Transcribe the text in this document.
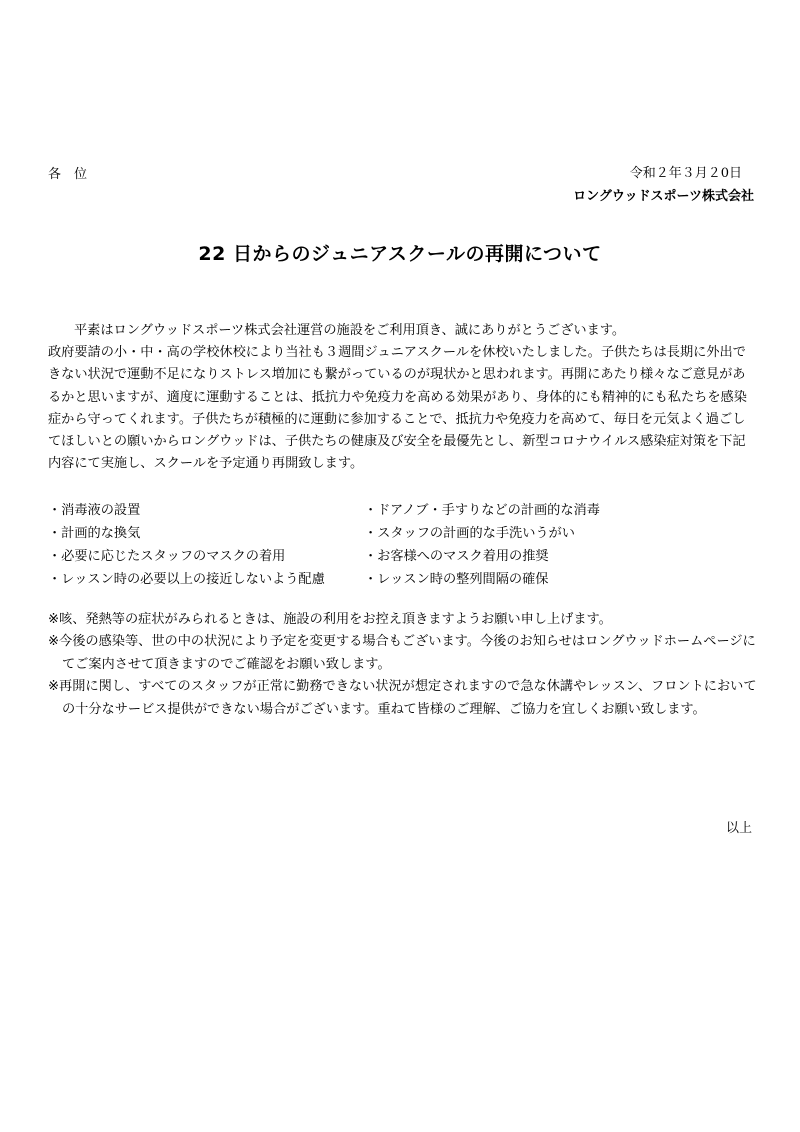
各　位	令和２年３月２0日
ロングウッドスポーツ株式会社
22 日からのジュニアスクールの再開について

平素はロングウッドスポーツ株式会社運営の施設をご利用頂き、誠にありがとうございます。

政府要請の小・中・高の学校休校により当社も３週間ジュニアスクールを休校いたしました。子供たちは長期に外出できない状況で運動不足になりストレス増加にも繋がっているのが現状かと思われます。再開にあたり様々なご意見があるかと思いますが、適度に運動することは、抵抗力や免疫力を高める効果があり、身体的にも精神的にも私たちを感染症から守ってくれます。子供たちが積極的に運動に参加することで、抵抗力や免疫力を高めて、毎日を元気よく過ごしてほしいとの願いからロングウッドは、子供たちの健康及び安全を最優先とし、新型コロナウイルス感染症対策を下記内容にて実施し、スクールを予定通り再開致します。

・消毒液の設置
・計画的な換気
・必要に応じたスタッフのマスクの着用
・レッスン時の必要以上の接近しないよう配慮
・ドアノブ・手すりなどの計画的な消毒
・スタッフの計画的な手洗いうがい
・お客様へのマスク着用の推奨
・レッスン時の整列間隔の確保
※咳、発熱等の症状がみられるときは、施設の利用をお控え頂きますようお願い申し上げます。
※今後の感染等、世の中の状況により予定を変更する場合もございます。今後のお知らせはロングウッドホームページにてご案内させて頂きますのでご確認をお願い致します。
※再開に関し、すべてのスタッフが正常に勤務できない状況が想定されますので急な休講やレッスン、フロントにおいての十分なサービス提供ができない場合がございます。重ねて皆様のご理解、ご協力を宜しくお願い致します。
以上
